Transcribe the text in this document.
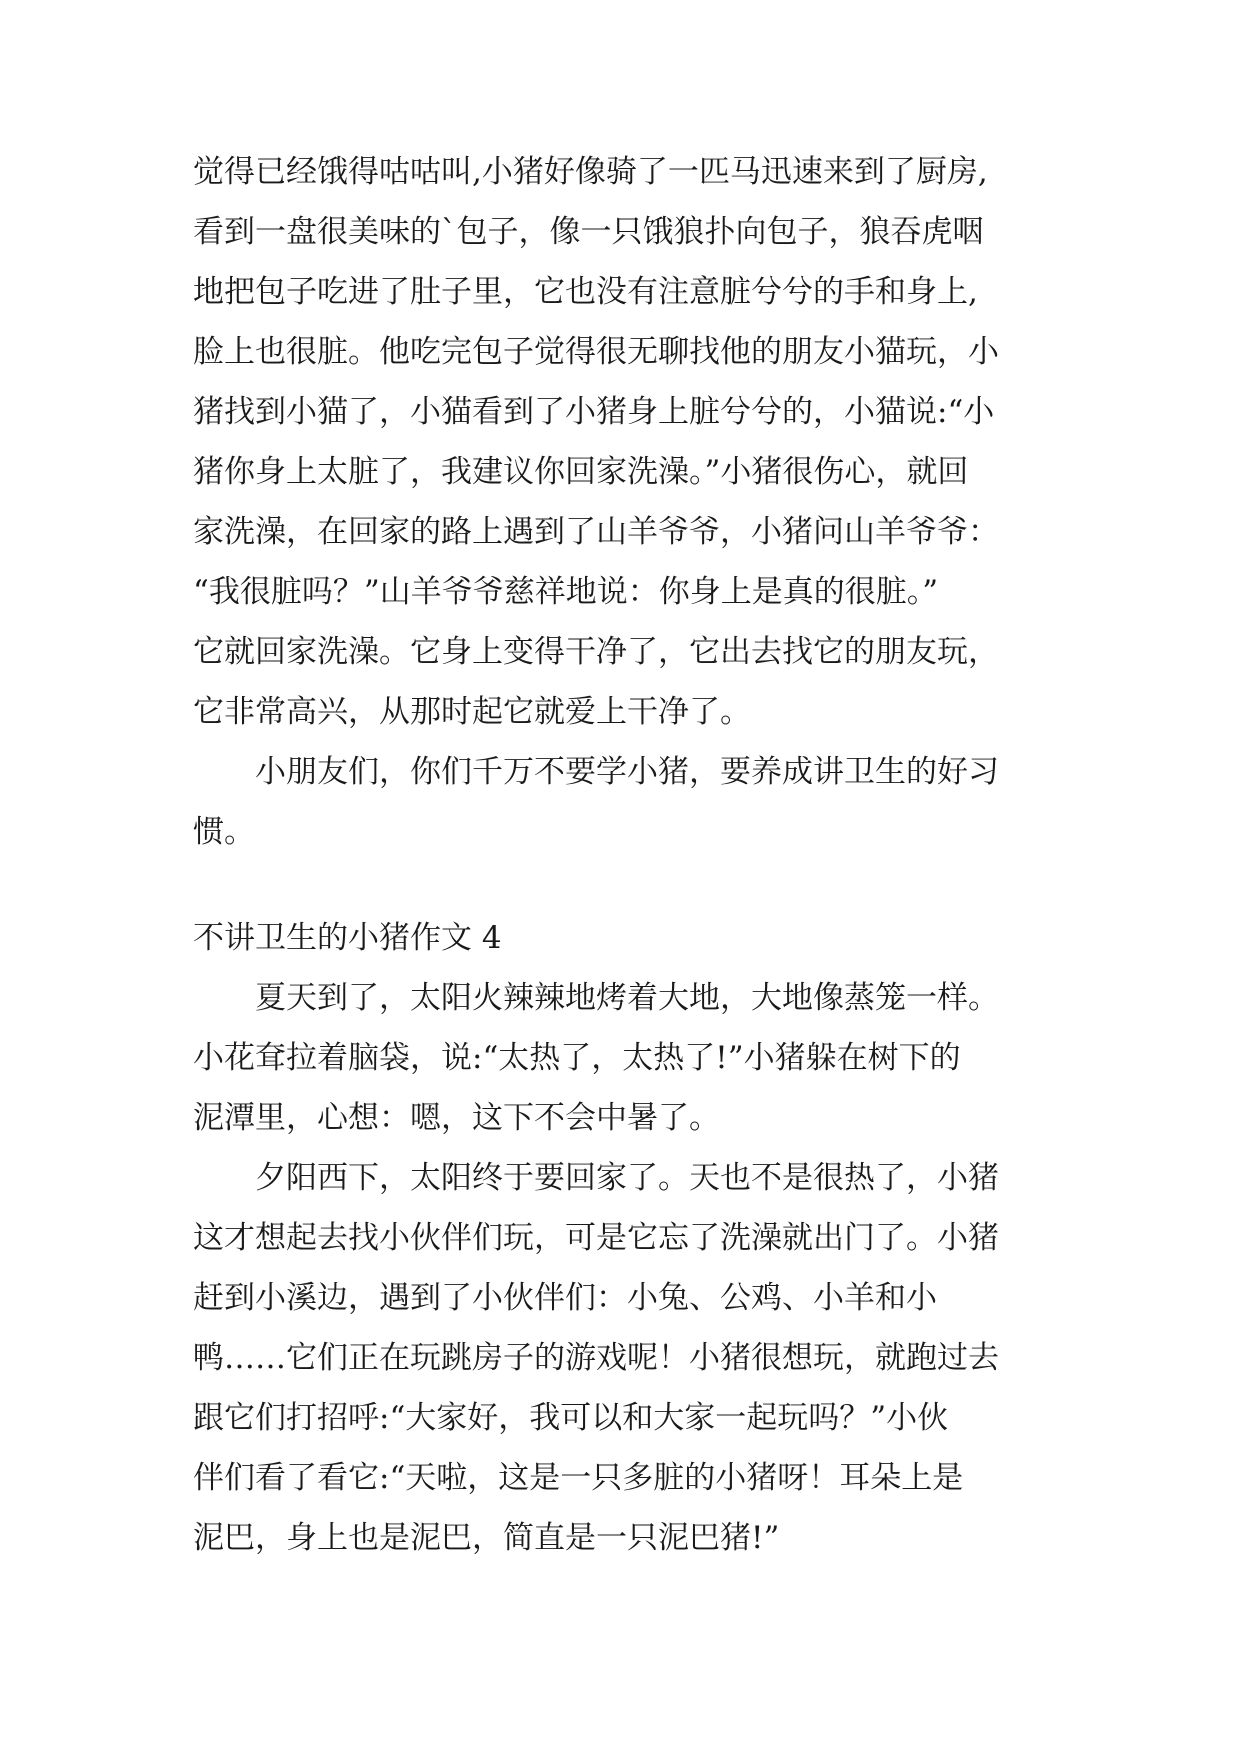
觉得已经饿得咕咕叫,小猪好像骑了一匹马迅速来到了厨房,
看到一盘很美味的`包子，像一只饿狼扑向包子，狼吞虎咽
地把包子吃进了肚子里，它也没有注意脏兮兮的手和身上,
脸上也很脏。他吃完包子觉得很无聊找他的朋友小猫玩，小
猪找到小猫了，小猫看到了小猪身上脏兮兮的，小猫说:“小
猪你身上太脏了，我建议你回家洗澡。”小猪很伤心，就回
家洗澡，在回家的路上遇到了山羊爷爷，小猪问山羊爷爷：
“我很脏吗？”山羊爷爷慈祥地说：你身上是真的很脏。”
它就回家洗澡。它身上变得干净了，它出去找它的朋友玩，
它非常高兴，从那时起它就爱上干净了。
小朋友们，你们千万不要学小猪，要养成讲卫生的好习
惯。
不讲卫生的小猪作文 4
夏天到了，太阳火辣辣地烤着大地，大地像蒸笼一样。
小花耷拉着脑袋，说:“太热了，太热了!”小猪躲在树下的
泥潭里，心想：嗯，这下不会中暑了。
夕阳西下，太阳终于要回家了。天也不是很热了，小猪
这才想起去找小伙伴们玩，可是它忘了洗澡就出门了。小猪
赶到小溪边，遇到了小伙伴们：小兔、公鸡、小羊和小
鸭……它们正在玩跳房子的游戏呢！小猪很想玩，就跑过去
跟它们打招呼:“大家好，我可以和大家一起玩吗？”小伙
伴们看了看它:“天啦，这是一只多脏的小猪呀！耳朵上是
泥巴，身上也是泥巴，简直是一只泥巴猪!”
